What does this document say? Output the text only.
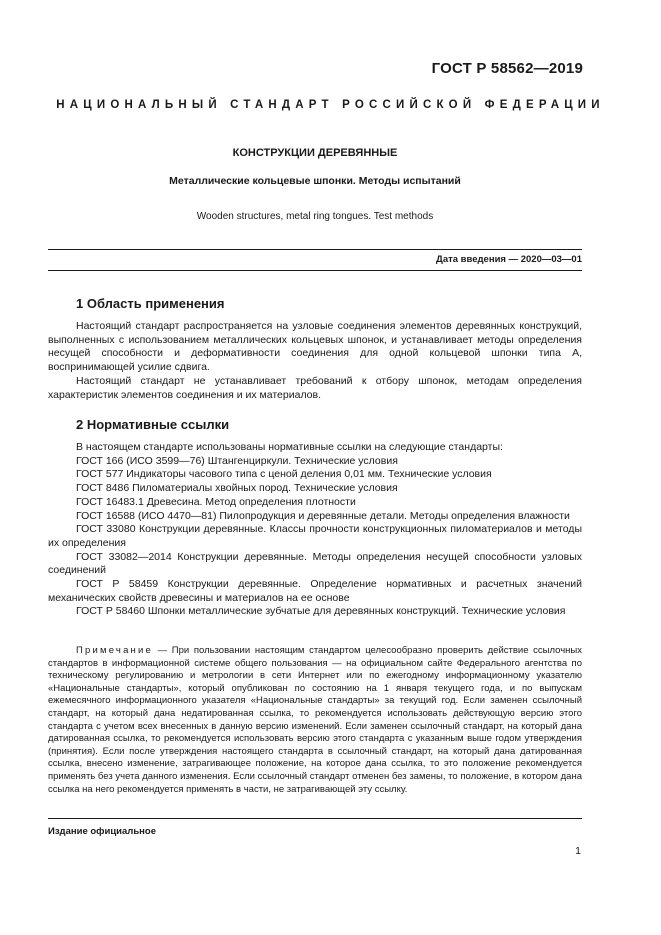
ГОСТ Р 58562—2019
НАЦИОНАЛЬНЫЙ СТАНДАРТ РОССИЙСКОЙ ФЕДЕРАЦИИ
КОНСТРУКЦИИ ДЕРЕВЯННЫЕ
Металлические кольцевые шпонки. Методы испытаний
Wooden structures, metal ring tongues. Test methods
Дата введения — 2020—03—01
1 Область применения

Настоящий стандарт распространяется на узловые соединения элементов деревянных конструкций, выполненных с использованием металлических кольцевых шпонок, и устанавливает методы определения несущей способности и деформативности соединения для одной кольцевой шпонки типа А, воспринимающей усилие сдвига.

Настоящий стандарт не устанавливает требований к отбору шпонок, методам определения характеристик элементов соединения и их материалов.

2 Нормативные ссылки

В настоящем стандарте использованы нормативные ссылки на следующие стандарты:

ГОСТ 166 (ИСО 3599—76) Штангенциркули. Технические условия

ГОСТ 577 Индикаторы часового типа с ценой деления 0,01 мм. Технические условия

ГОСТ 8486 Пиломатериалы хвойных пород. Технические условия

ГОСТ 16483.1 Древесина. Метод определения плотности

ГОСТ 16588 (ИСО 4470—81) Пилопродукция и деревянные детали. Методы определения влажности

ГОСТ 33080 Конструкции деревянные. Классы прочности конструкционных пиломатериалов и методы их определения

ГОСТ 33082—2014 Конструкции деревянные. Методы определения несущей способности узловых соединений

ГОСТ Р 58459 Конструкции деревянные. Определение нормативных и расчетных значений механических свойств древесины и материалов на ее основе

ГОСТ Р 58460 Шпонки металлические зубчатые для деревянных конструкций. Технические условия

Примечание — При пользовании настоящим стандартом целесообразно проверить действие ссылочных стандартов в информационной системе общего пользования — на официальном сайте Федерального агентства по техническому регулированию и метрологии в сети Интернет или по ежегодному информационному указателю «Национальные стандарты», который опубликован по состоянию на 1 января текущего года, и по выпускам ежемесячного информационного указателя «Национальные стандарты» за текущий год. Если заменен ссылочный стандарт, на который дана недатированная ссылка, то рекомендуется использовать действующую версию этого стандарта с учетом всех внесенных в данную версию изменений. Если заменен ссылочный стандарт, на который дана датированная ссылка, то рекомендуется использовать версию этого стандарта с указанным выше годом утверждения (принятия). Если после утверждения настоящего стандарта в ссылочный стандарт, на который дана датированная ссылка, внесено изменение, затрагивающее положение, на которое дана ссылка, то это положение рекомендуется применять без учета данного изменения. Если ссылочный стандарт отменен без замены, то положение, в котором дана ссылка на него рекомендуется применять в части, не затрагивающей эту ссылку.
Издание официальное
1
